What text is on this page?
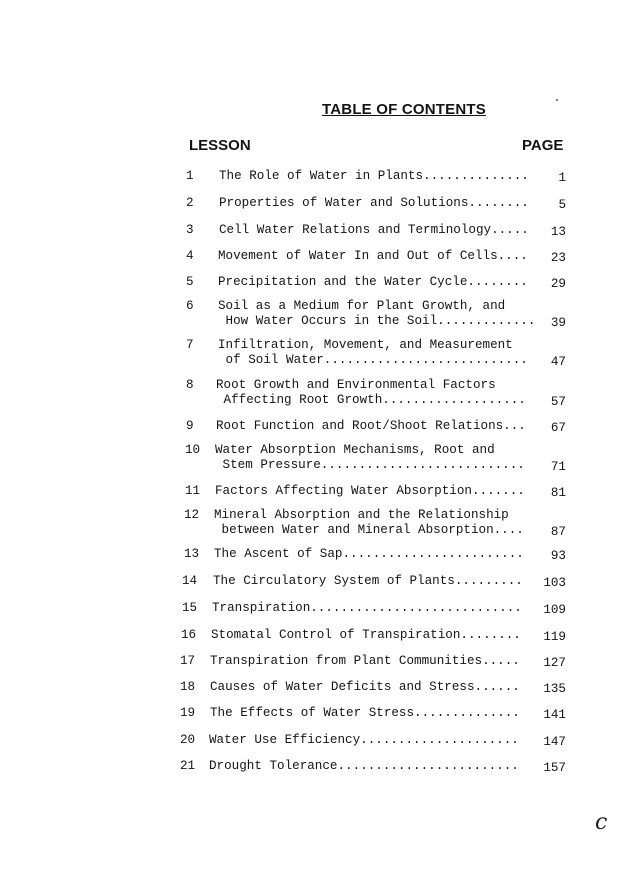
TABLE OF CONTENTS
LESSON	PAGE
1	The Role of Water in Plants..............	1
2	Properties of Water and Solutions........	5
3	Cell Water Relations and Terminology.....	13
4	Movement of Water In and Out of Cells....	23
5	Precipitation and the Water Cycle........	29
6	Soil as a Medium for Plant Growth, and
How Water Occurs in the Soil.............	39
7	Infiltration, Movement, and Measurement
of Soil Water...........................	47
8	Root Growth and Environmental Factors
Affecting Root Growth...................	57
9	Root Function and Root/Shoot Relations...	67
10	Water Absorption Mechanisms, Root and
Stem Pressure...........................	71
11	Factors Affecting Water Absorption.......	81
12	Mineral Absorption and the Relationship
between Water and Mineral Absorption....	87
13	The Ascent of Sap........................	93
14	The Circulatory System of Plants.........	103
15	Transpiration............................	109
16	Stomatal Control of Transpiration........	119
17	Transpiration from Plant Communities.....	127
18	Causes of Water Deficits and Stress......	135
19	The Effects of Water Stress..............	141
20	Water Use Efficiency.....................	147
21	Drought Tolerance........................	157
c
